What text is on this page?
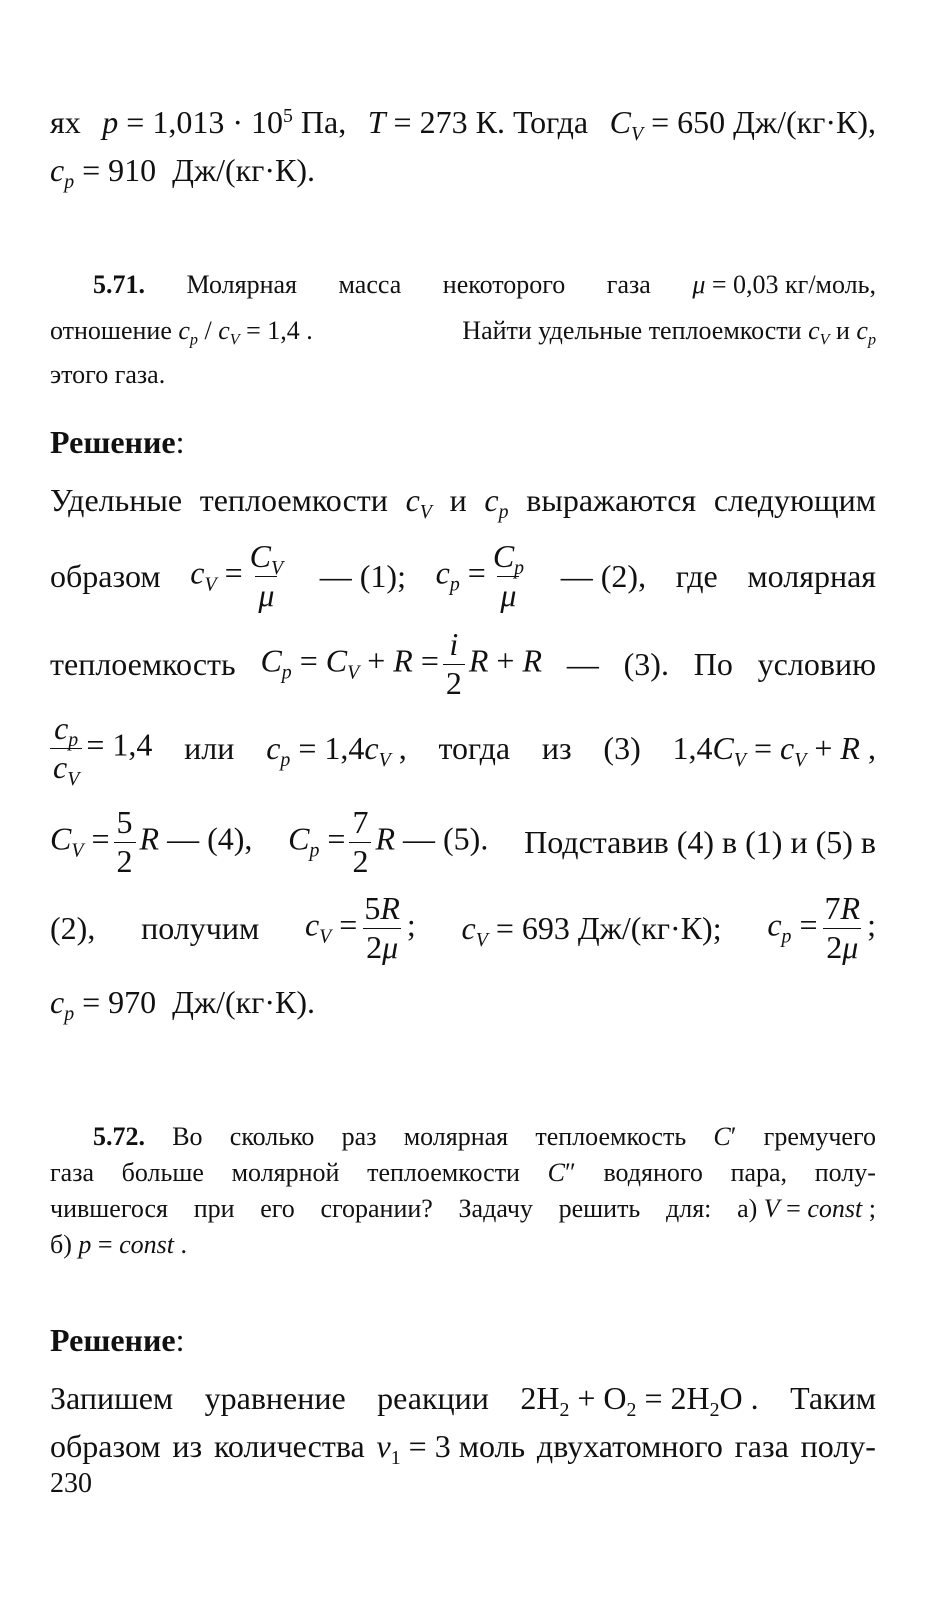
ях $p = 1,013 \cdot 10^5$ Па, T = 273 К. Тогда $C_V = 650$ Дж/(кг·К),
$c_p = 910$  Дж/(кг·К).
5.71. Молярная масса некоторого газа μ = 0,03 кг/моль,
отношение $c_p / c_V = 1,4$ .	Найти удельные теплоемкости $c_V$ и $c_p$
этого газа.
Решение:
Удельные теплоемкости $c_V$ и $c_p$ выражаются следующим
образом $c_V = \frac{C_V}{\mu}$ — (1); $c_p = \frac{C_p}{\mu}$ — (2), где молярная
теплоемкость $C_p = C_V + R = \frac{i}{2}$ R + R — (3). По условию
$\frac{c_p}{c_V} = 1,4$ или $c_p = 1,4c_V$ , тогда из (3) $1,4C_V = c_V + R$ ,
$C_V = \frac{5}{2}$ R — (4), $C_p = \frac{7}{2}$ R — (5). Подставив (4) в (1) и (5) в
(2), получим $c_V = \frac{5R}{2\mu}$ ; $c_V = 693$ Дж/(кг·К); $c_p = \frac{7R}{2\mu}$ ;
$c_p = 970$  Дж/(кг·К).
5.72. Во сколько раз молярная теплоемкость C′ гремучего
газа больше молярной теплоемкости C″ водяного пара, полу-
чившегося при его сгорании? Задачу решить для: а) V = const ;
б) p = const .
Решение:
Запишем уравнение реакции $2H_2 + O_2 = 2H_2O$ . Таким
образом из количества $\nu_1 = 3$ моль двухатомного газа полу-
230
